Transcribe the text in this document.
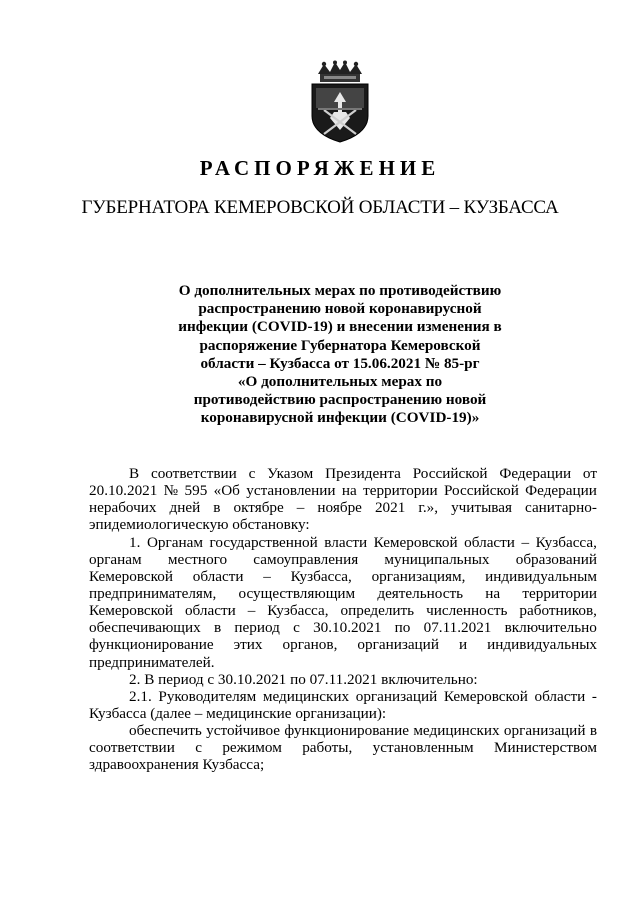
РАСПОРЯЖЕНИЕ
ГУБЕРНАТОРА КЕМЕРОВСКОЙ ОБЛАСТИ – КУЗБАССА
О дополнительных мерах по противодействию
распространению новой коронавирусной
инфекции (COVID-19) и внесении изменения в
распоряжение Губернатора Кемеровской
области – Кузбасса от 15.06.2021 № 85-рг
«О дополнительных мерах по
противодействию распространению новой
коронавирусной инфекции (COVID-19)»
В соответствии с Указом Президента Российской Федерации от
20.10.2021 № 595 «Об установлении на территории Российской Федерации
нерабочих дней в октябре – ноябре 2021 г.», учитывая санитарно-
эпидемиологическую обстановку:
1. Органам государственной власти Кемеровской области – Кузбасса,
органам местного самоуправления муниципальных образований
Кемеровской области – Кузбасса, организациям, индивидуальным
предпринимателям, осуществляющим деятельность на территории
Кемеровской области – Кузбасса, определить численность работников,
обеспечивающих в период с 30.10.2021 по 07.11.2021 включительно
функционирование этих органов, организаций и индивидуальных
предпринимателей.
2. В период с 30.10.2021 по 07.11.2021 включительно:
2.1. Руководителям медицинских организаций Кемеровской области -
Кузбасса (далее – медицинские организации):
обеспечить устойчивое функционирование медицинских организаций в
соответствии с режимом работы, установленным Министерством
здравоохранения Кузбасса;
